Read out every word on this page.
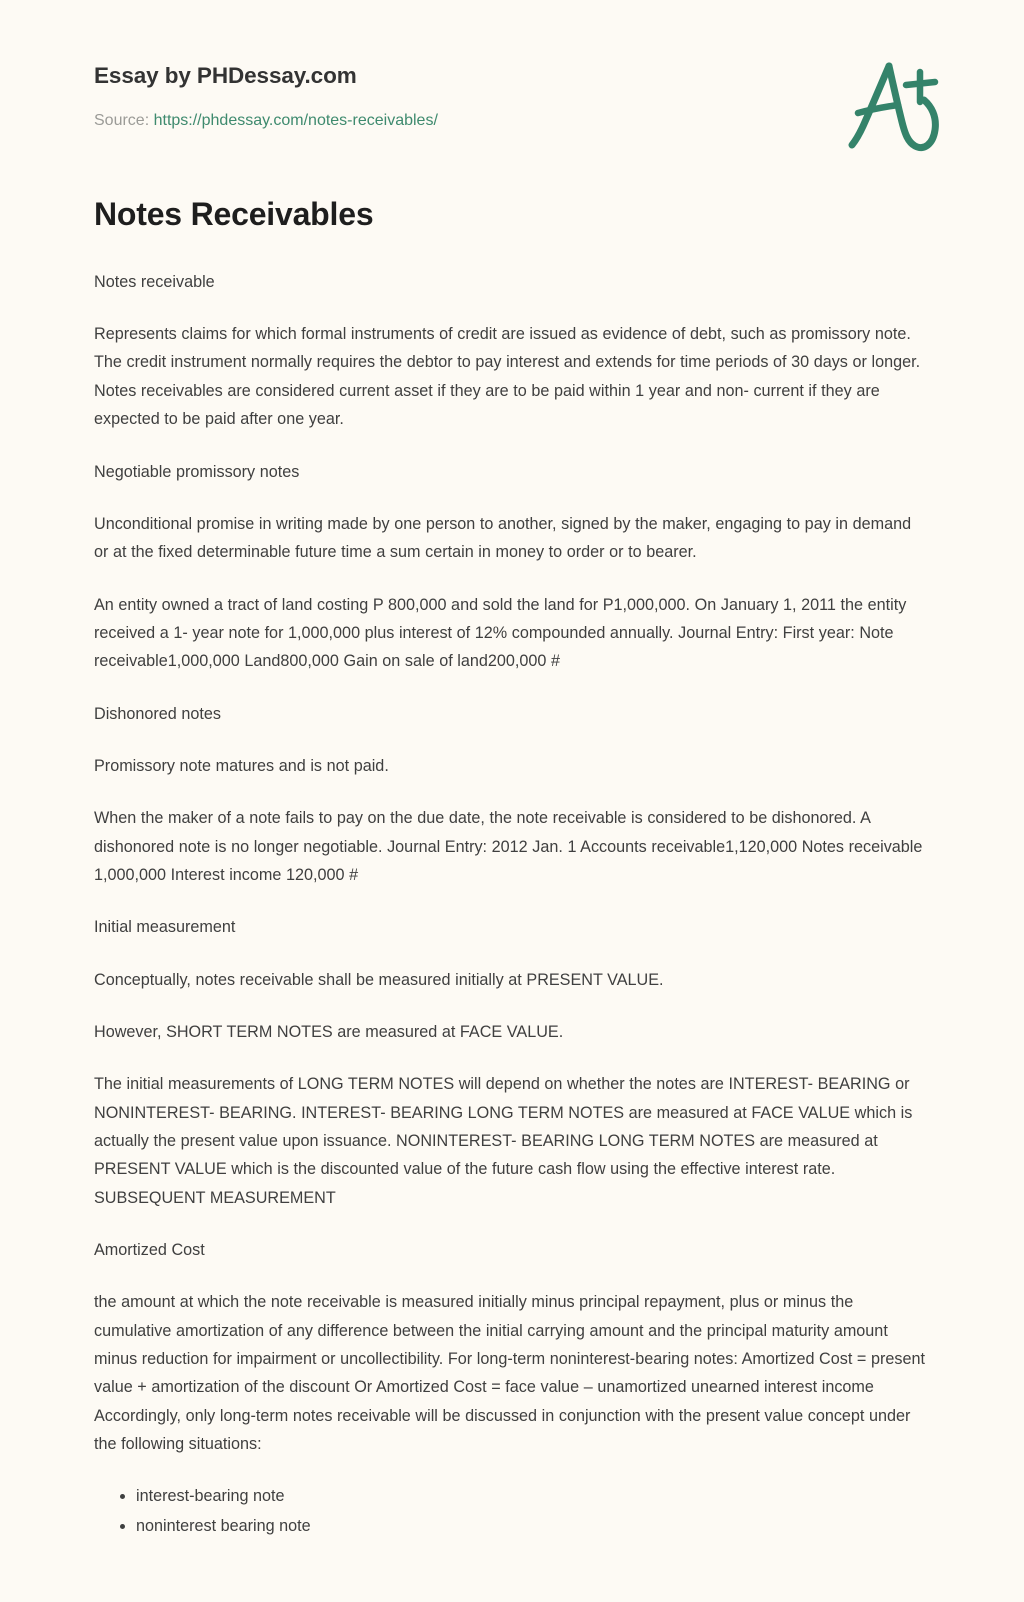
Essay by PHDessay.com
Source: https://phdessay.com/notes-receivables/
Notes Receivables

Notes receivable

Represents claims for which formal instruments of credit are issued as evidence of debt, such as promissory note. The credit instrument normally requires the debtor to pay interest and extends for time periods of 30 days or longer. Notes receivables are considered current asset if they are to be paid within 1 year and non- current if they are expected to be paid after one year.

Negotiable promissory notes

Unconditional promise in writing made by one person to another, signed by the maker, engaging to pay in demand or at the fixed determinable future time a sum certain in money to order or to bearer.

An entity owned a tract of land costing P 800,000 and sold the land for P1,000,000. On January 1, 2011 the entity received a 1- year note for 1,000,000 plus interest of 12% compounded annually. Journal Entry: First year: Note receivable1,000,000 Land800,000 Gain on sale of land200,000 #

Dishonored notes

Promissory note matures and is not paid.

When the maker of a note fails to pay on the due date, the note receivable is considered to be dishonored. A dishonored note is no longer negotiable. Journal Entry: 2012 Jan. 1 Accounts receivable1,120,000 Notes receivable 1,000,000 Interest income 120,000 #

Initial measurement

Conceptually, notes receivable shall be measured initially at PRESENT VALUE.

However, SHORT TERM NOTES are measured at FACE VALUE.

The initial measurements of LONG TERM NOTES will depend on whether the notes are INTEREST- BEARING or NONINTEREST- BEARING. INTEREST- BEARING LONG TERM NOTES are measured at FACE VALUE which is actually the present value upon issuance. NONINTEREST- BEARING LONG TERM NOTES are measured at PRESENT VALUE which is the discounted value of the future cash flow using the effective interest rate. SUBSEQUENT MEASUREMENT

Amortized Cost

the amount at which the note receivable is measured initially minus principal repayment, plus or minus the cumulative amortization of any difference between the initial carrying amount and the principal maturity amount minus reduction for impairment or uncollectibility. For long-term noninterest-bearing notes: Amortized Cost = present value + amortization of the discount Or Amortized Cost = face value – unamortized unearned interest income Accordingly, only long-term notes receivable will be discussed in conjunction with the present value concept under the following situations:

• interest-bearing note
• noninterest bearing note
